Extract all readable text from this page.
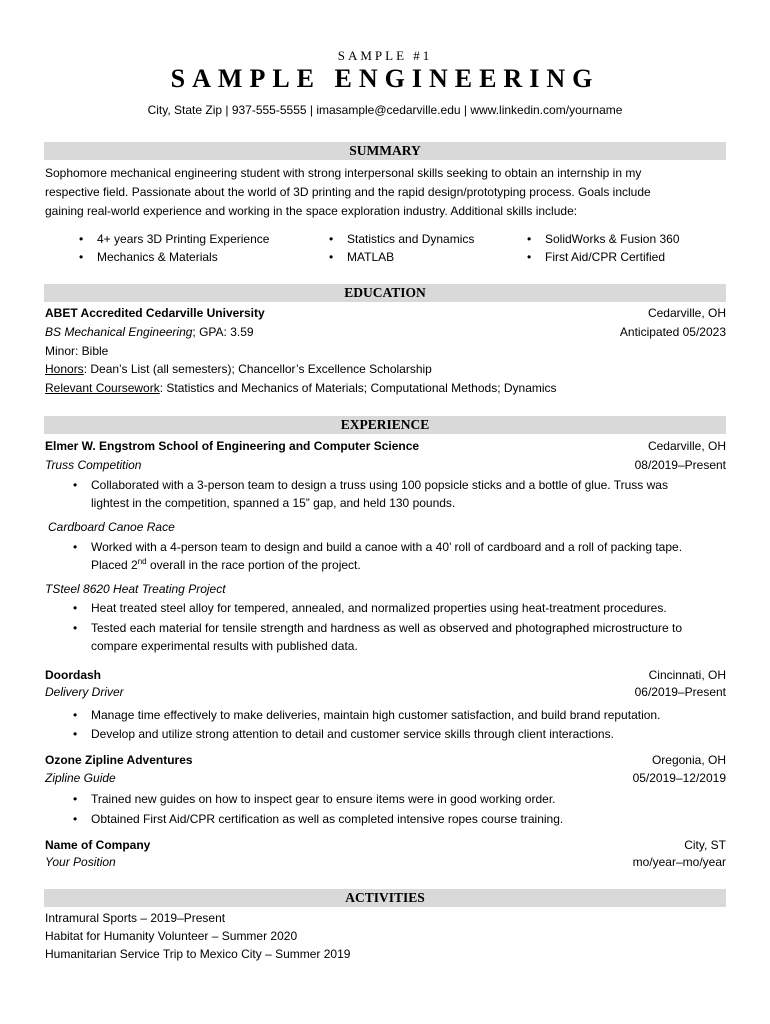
SAMPLE #1
SAMPLE ENGINEERING
City, State Zip | 937-555-5555 | imasample@cedarville.edu | www.linkedin.com/yourname
SUMMARY
Sophomore mechanical engineering student with strong interpersonal skills seeking to obtain an internship in my
respective field. Passionate about the world of 3D printing and the rapid design/prototyping process. Goals include
gaining real-world experience and working in the space exploration industry. Additional skills include:
• 4+ years 3D Printing Experience	• Statistics and Dynamics	• SolidWorks & Fusion 360
• Mechanics & Materials	• MATLAB	• First Aid/CPR Certified
EDUCATION
ABET Accredited Cedarville University	Cedarville, OH
BS Mechanical Engineering; GPA: 3.59	Anticipated 05/2023
Minor: Bible
Honors: Dean’s List (all semesters); Chancellor’s Excellence Scholarship
Relevant Coursework: Statistics and Mechanics of Materials; Computational Methods; Dynamics
EXPERIENCE
Elmer W. Engstrom School of Engineering and Computer Science	Cedarville, OH
Truss Competition	08/2019–Present
• Collaborated with a 3-person team to design a truss using 100 popsicle sticks and a bottle of glue. Truss was
lightest in the competition, spanned a 15” gap, and held 130 pounds.
Cardboard Canoe Race
• Worked with a 4-person team to design and build a canoe with a 40’ roll of cardboard and a roll of packing tape.
Placed 2nd overall in the race portion of the project.
TSteel 8620 Heat Treating Project
• Heat treated steel alloy for tempered, annealed, and normalized properties using heat-treatment procedures.
• Tested each material for tensile strength and hardness as well as observed and photographed microstructure to
compare experimental results with published data.
Doordash	Cincinnati, OH
Delivery Driver	06/2019–Present
• Manage time effectively to make deliveries, maintain high customer satisfaction, and build brand reputation.
• Develop and utilize strong attention to detail and customer service skills through client interactions.
Ozone Zipline Adventures	Oregonia, OH
Zipline Guide	05/2019–12/2019
• Trained new guides on how to inspect gear to ensure items were in good working order.
• Obtained First Aid/CPR certification as well as completed intensive ropes course training.
Name of Company	City, ST
Your Position	mo/year–mo/year
ACTIVITIES
Intramural Sports – 2019–Present
Habitat for Humanity Volunteer – Summer 2020
Humanitarian Service Trip to Mexico City – Summer 2019
